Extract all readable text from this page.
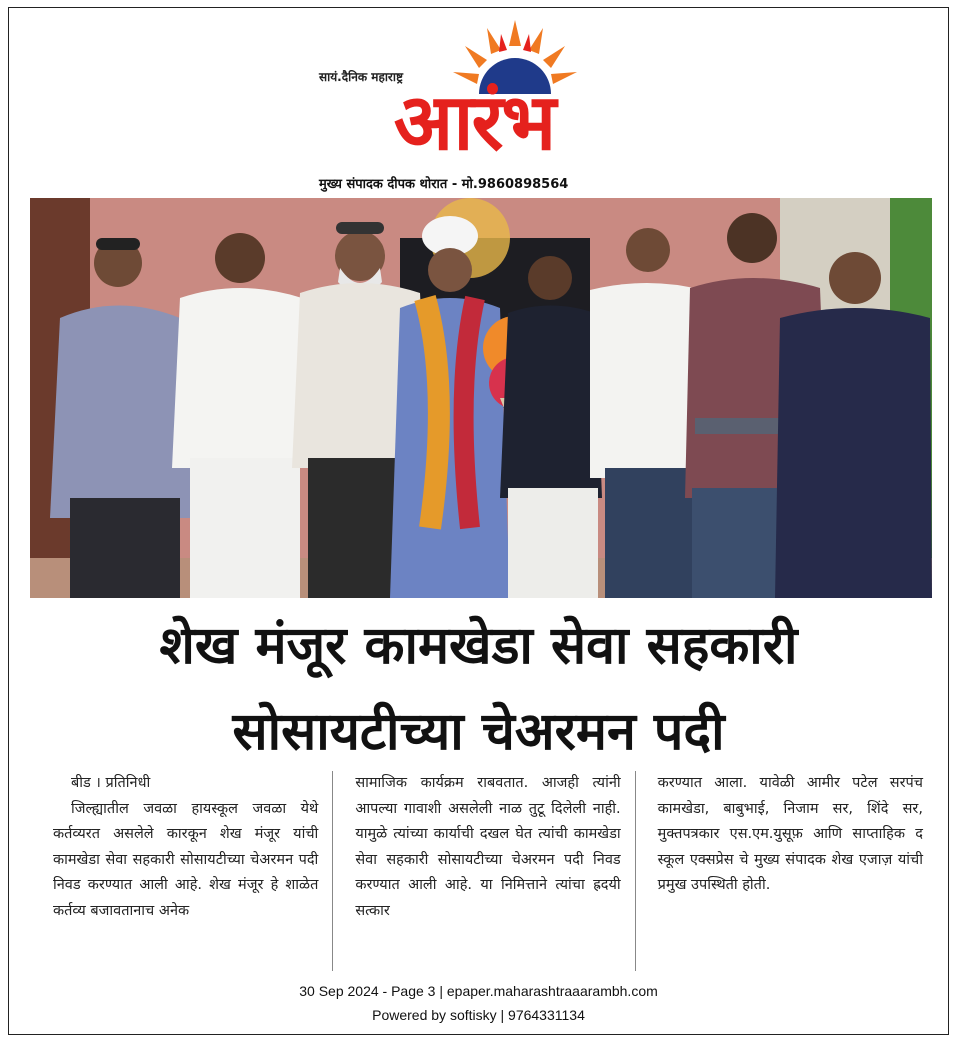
सायं.दैनिक महाराष्ट्र
आरंभ
मुख्य संपादक दीपक थोरात - मो.9860898564
शेख मंजूर कामखेडा सेवा सहकारी
सोसायटीच्या चेअरमन पदी
बीड । प्रतिनिधी

जिल्ह्यातील जवळा हायस्कूल जवळा येथे कर्तव्यरत असलेले कारकून शेख मंजूर यांची कामखेडा सेवा सहकारी सोसायटीच्या चेअरमन पदी निवड करण्यात आली आहे. शेख मंजूर हे शाळेत कर्तव्य बजावतानाच अनेक

सामाजिक कार्यक्रम राबवतात. आजही त्यांनी आपल्या गावाशी असलेली नाळ तुटू दिलेली नाही. यामुळे त्यांच्या कार्याची दखल घेत त्यांची कामखेडा सेवा सहकारी सोसायटीच्या चेअरमन पदी निवड करण्यात आली आहे. या निमित्ताने त्यांचा ह्रदयी सत्कार

करण्यात आला. यावेळी आमीर पटेल सरपंच कामखेडा, बाबुभाई, निजाम सर, शिंदे सर, मुक्तपत्रकार एस.एम.युसूफ़ आणि साप्ताहिक द स्कूल एक्सप्रेस चे मुख्य संपादक शेख एजाज़ यांची प्रमुख उपस्थिती होती.

30 Sep 2024 - Page 3 | epaper.maharashtraaarambh.com
Powered by softisky | 9764331134
